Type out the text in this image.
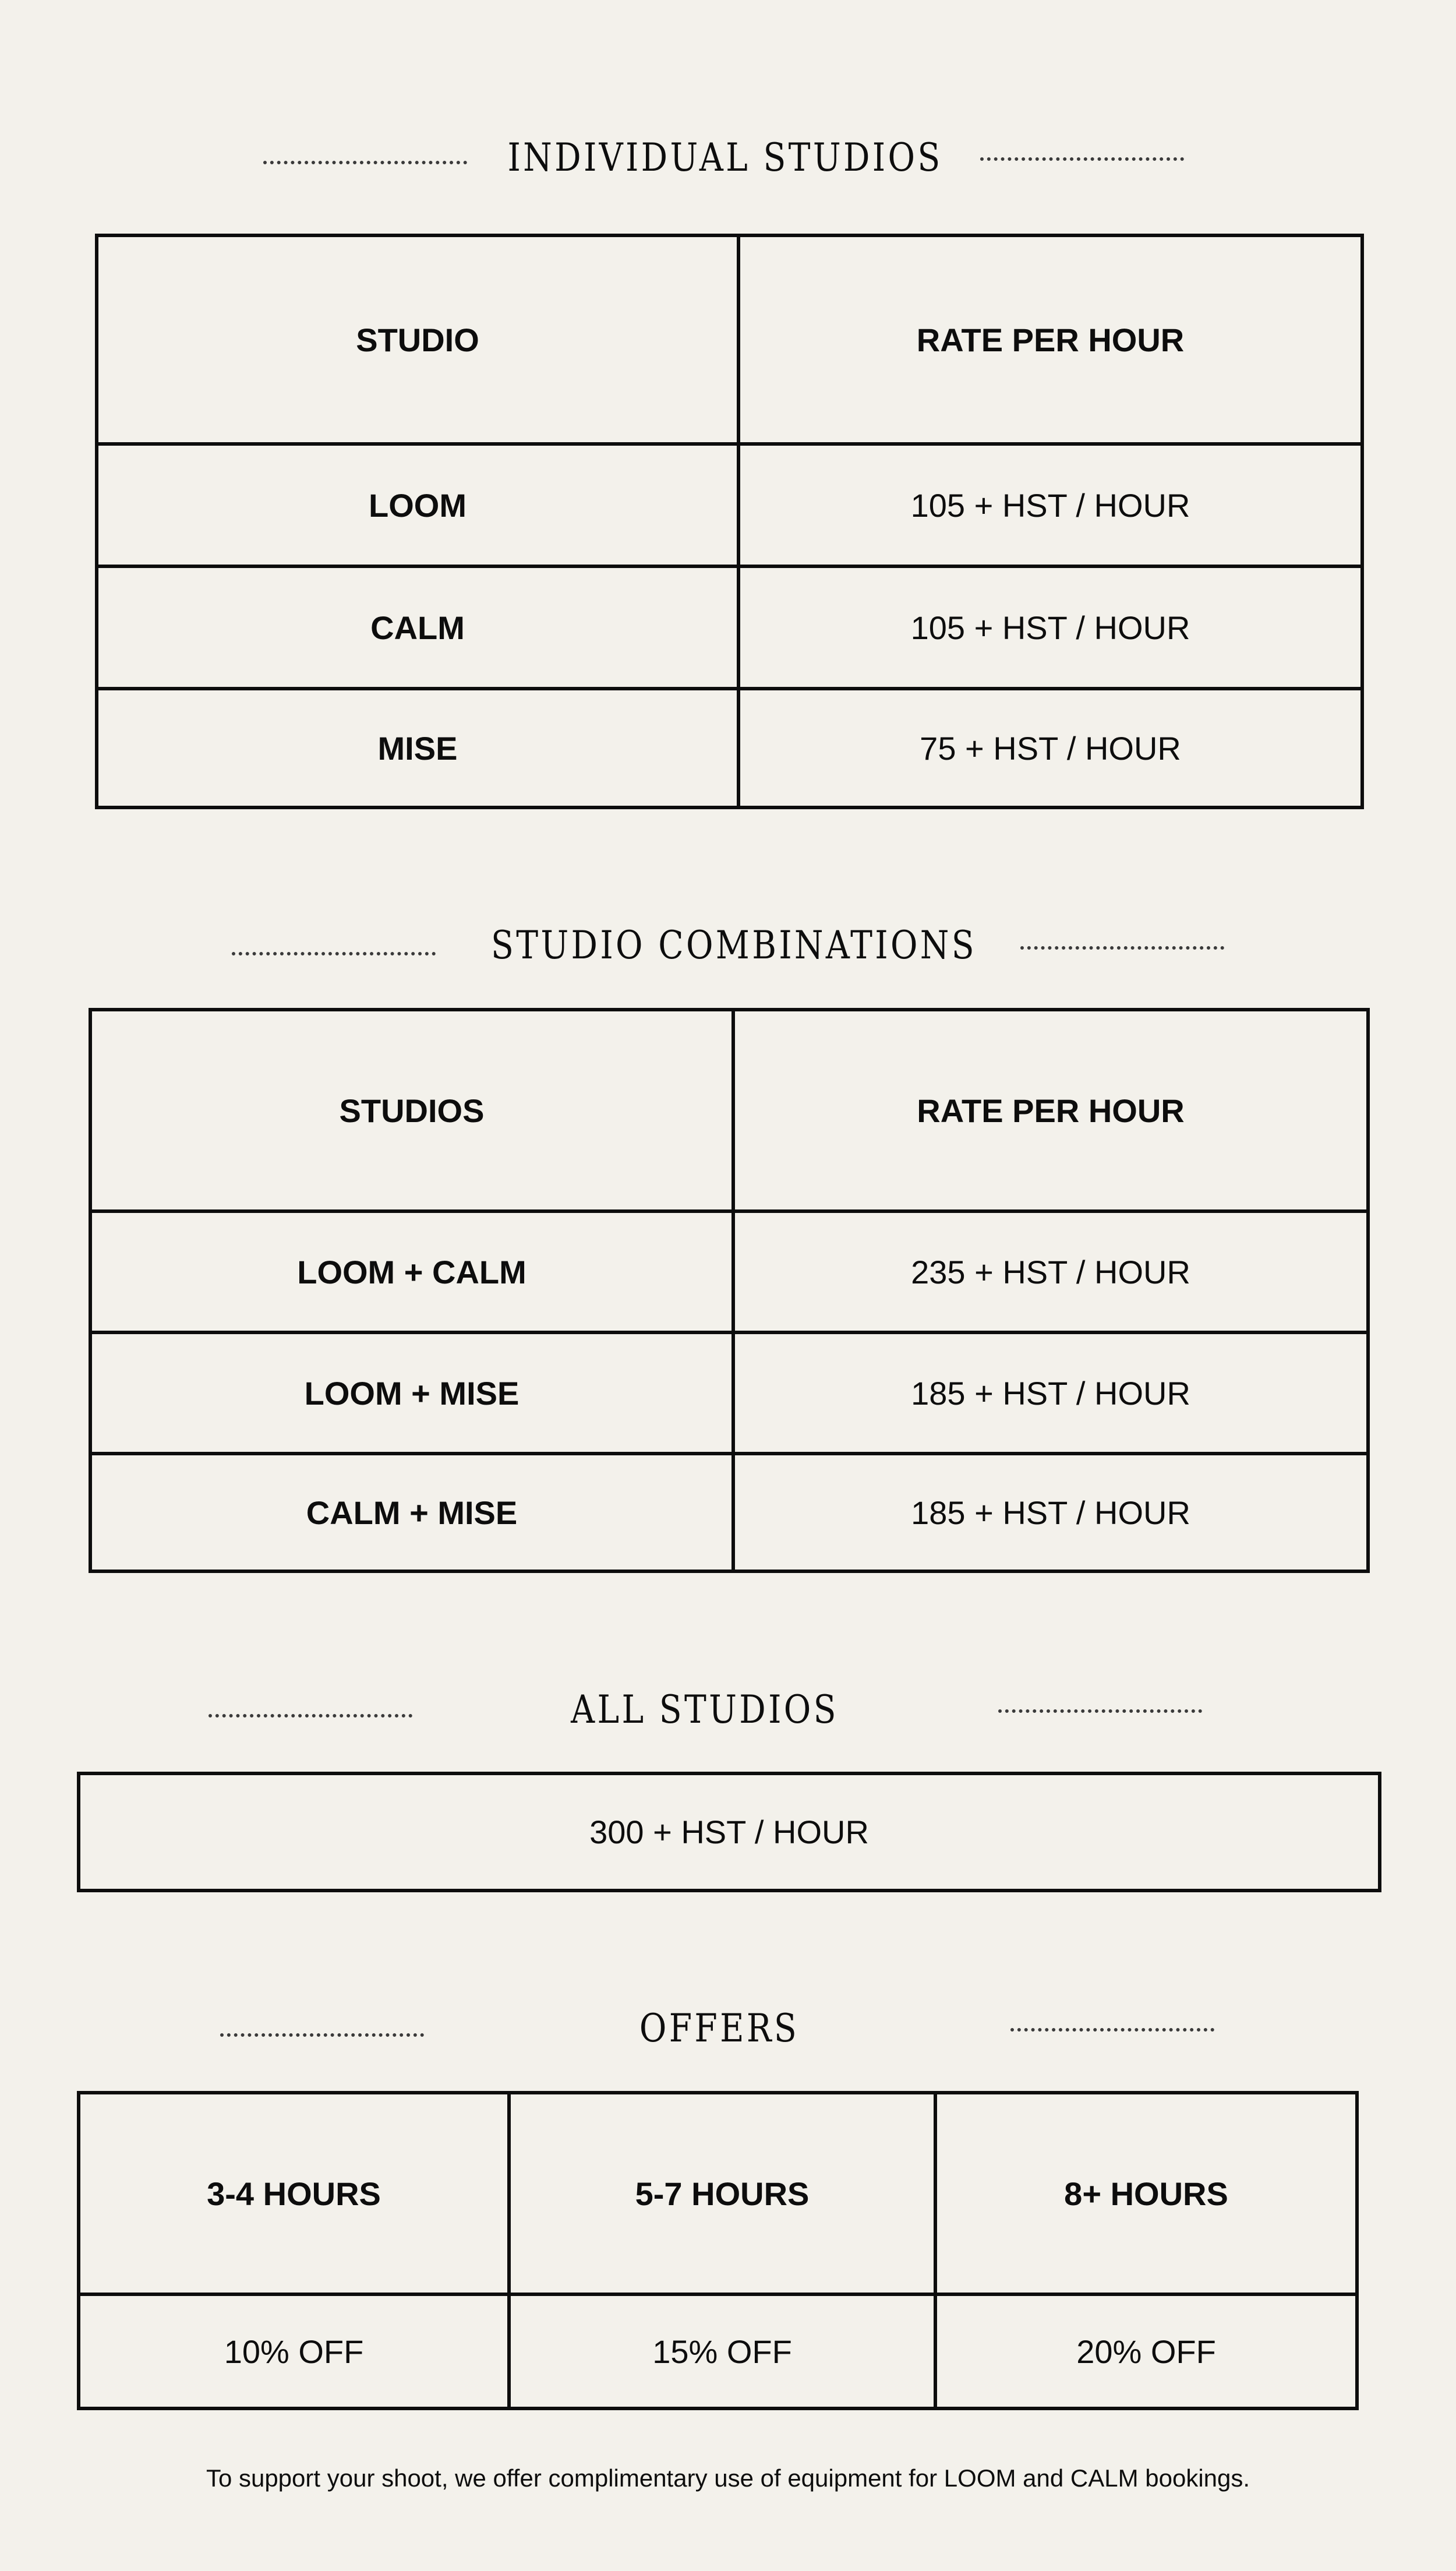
INDIVIDUAL STUDIOS
STUDIO	RATE PER HOUR
LOOM	105 + HST / HOUR
CALM	105 + HST / HOUR
MISE	75 + HST / HOUR
STUDIO COMBINATIONS
STUDIOS	RATE PER HOUR
LOOM + CALM	235 + HST / HOUR
LOOM + MISE	185 + HST / HOUR
CALM + MISE	185 + HST / HOUR
ALL STUDIOS
300 + HST / HOUR
OFFERS
3-4 HOURS	5-7 HOURS	8+ HOURS
10% OFF	15% OFF	20% OFF
To support your shoot, we offer complimentary use of equipment for LOOM and CALM bookings.
